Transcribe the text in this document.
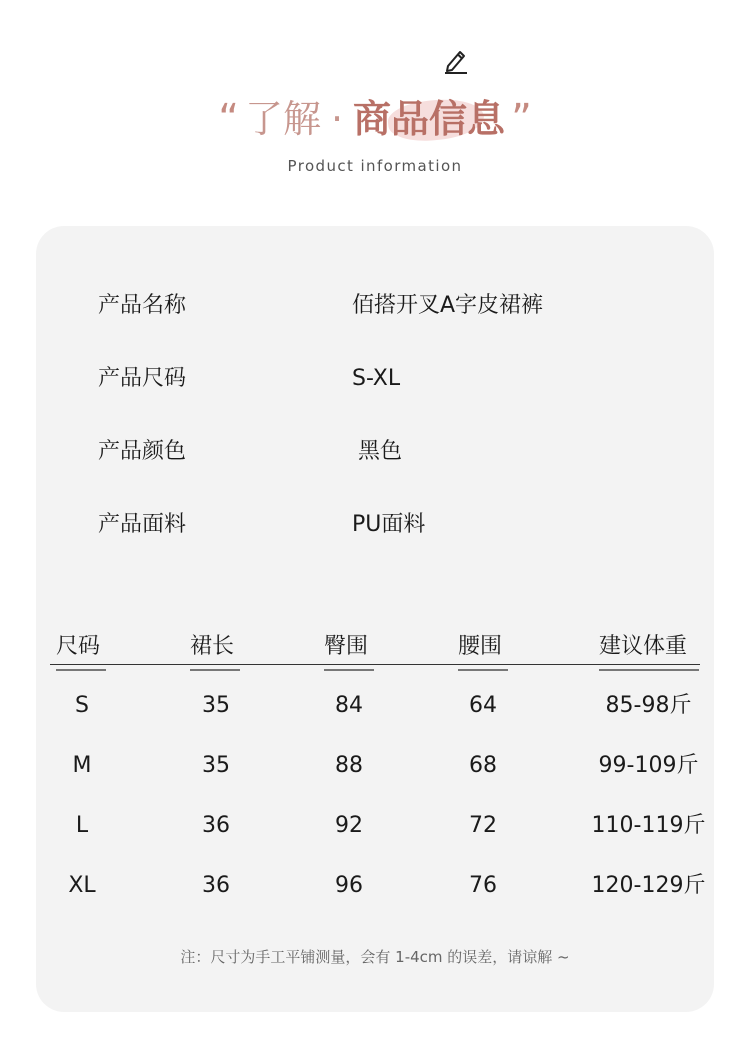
“ 了解 · 商品信息 ”
Product information
产品名称	佰搭开叉A字皮裙裤
产品尺码	S-XL
产品颜色	黑色
产品面料	PU面料
尺码	裙长	臀围	腰围	建议体重
S	35	84	64	85-98斤
M	35	88	68	99-109斤
L	36	92	72	110-119斤
XL	36	96	76	120-129斤
注：尺寸为手工平铺测量，会有 1-4cm 的误差，请谅解 ~
